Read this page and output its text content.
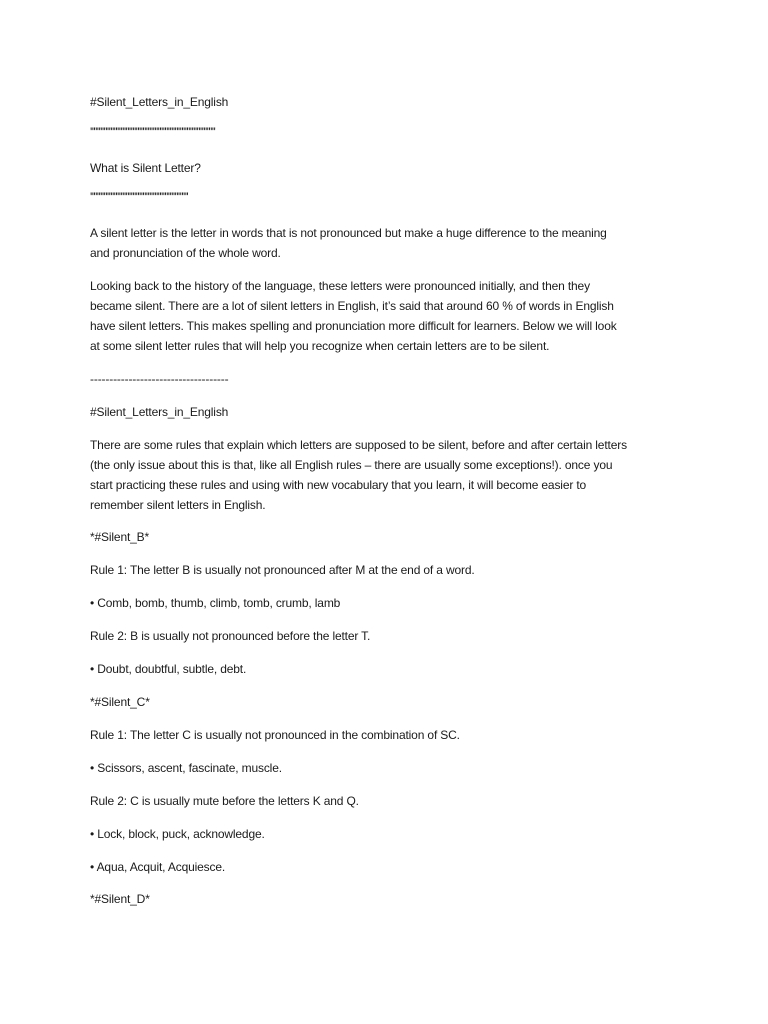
#Silent_Letters_in_English
''''''''''''''''''''''''''''''''''''''''''''''''''''''''''''''''''''''''''
What is Silent Letter?
''''''''''''''''''''''''''''''''''''''''''''''''''''''''''
A silent letter is the letter in words that is not pronounced but make a huge difference to the meaning
and pronunciation of the whole word.
Looking back to the history of the language, these letters were pronounced initially, and then they
became silent. There are a lot of silent letters in English, it’s said that around 60 % of words in English
have silent letters. This makes spelling and pronunciation more difficult for learners. Below we will look
at some silent letter rules that will help you recognize when certain letters are to be silent.
------------------------------------
#Silent_Letters_in_English
There are some rules that explain which letters are supposed to be silent, before and after certain letters
(the only issue about this is that, like all English rules – there are usually some exceptions!). once you
start practicing these rules and using with new vocabulary that you learn, it will become easier to
remember silent letters in English.
*#Silent_B*
Rule 1: The letter B is usually not pronounced after M at the end of a word.
• Comb, bomb, thumb, climb, tomb, crumb, lamb
Rule 2: B is usually not pronounced before the letter T.
• Doubt, doubtful, subtle, debt.
*#Silent_C*
Rule 1: The letter C is usually not pronounced in the combination of SC.
• Scissors, ascent, fascinate, muscle.
Rule 2: C is usually mute before the letters K and Q.
• Lock, block, puck, acknowledge.
• Aqua, Acquit, Acquiesce.
*#Silent_D*
